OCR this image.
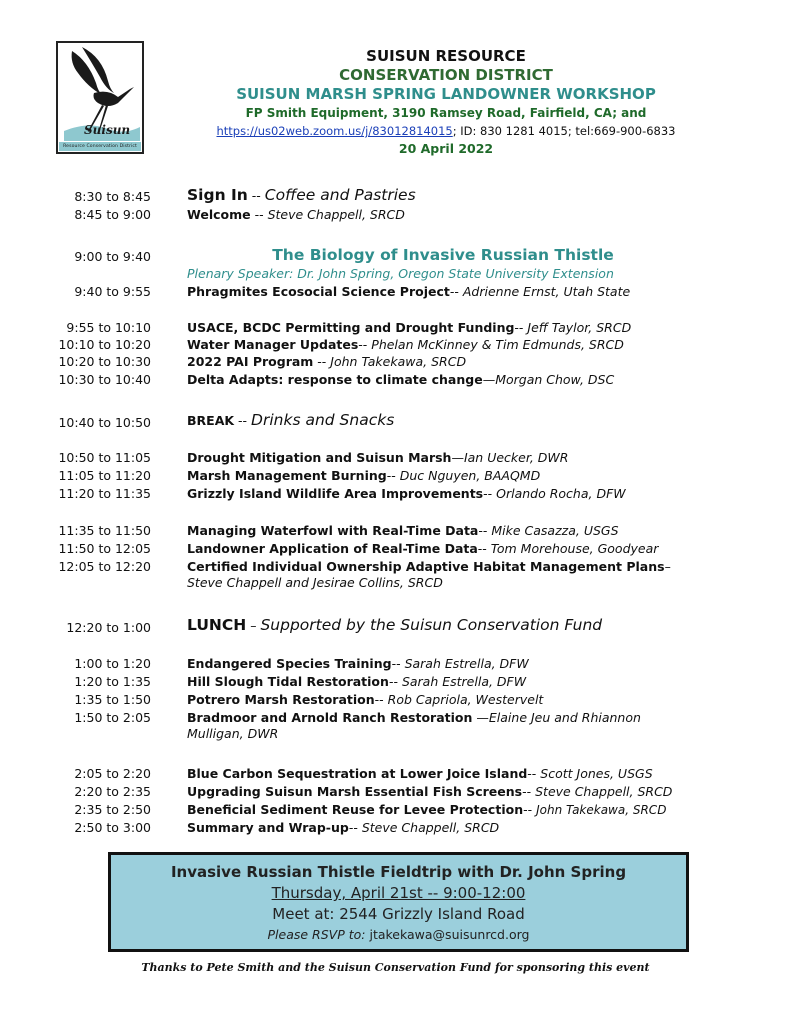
Suisun
Resource Conservation District
SUISUN RESOURCE
CONSERVATION DISTRICT
SUISUN MARSH SPRING LANDOWNER WORKSHOP
FP Smith Equipment, 3190 Ramsey Road, Fairfield, CA; and
https://us02web.zoom.us/j/83012814015; ID: 830 1281 4015; tel:669-900-6833
20 April 2022
8:30 to 8:45 Sign In -- Coffee and Pastries
8:45 to 9:00	Welcome -- Steve Chappell, SRCD
9:00 to 9:40	The Biology of Invasive Russian Thistle
Plenary Speaker: Dr. John Spring, Oregon State University Extension
9:40 to 9:55	Phragmites Ecosocial Science Project-- Adrienne Ernst, Utah State
9:55 to 10:10	USACE, BCDC Permitting and Drought Funding-- Jeff Taylor, SRCD
10:10 to 10:20	Water Manager Updates-- Phelan McKinney & Tim Edmunds, SRCD
10:20 to 10:30	2022 PAI Program -- John Takekawa, SRCD
10:30 to 10:40	Delta Adapts: response to climate change—Morgan Chow, DSC
10:40 to 10:50	BREAK -- Drinks and Snacks
10:50 to 11:05	Drought Mitigation and Suisun Marsh—Ian Uecker, DWR
11:05 to 11:20	Marsh Management Burning-- Duc Nguyen, BAAQMD
11:20 to 11:35	Grizzly Island Wildlife Area Improvements-- Orlando Rocha, DFW
11:35 to 11:50	Managing Waterfowl with Real-Time Data-- Mike Casazza, USGS
11:50 to 12:05	Landowner Application of Real-Time Data-- Tom Morehouse, Goodyear
12:05 to 12:20	Certified Individual Ownership Adaptive Habitat Management Plans–
Steve Chappell and Jesirae Collins, SRCD
12:20 to 1:00 LUNCH – Supported by the Suisun Conservation Fund
1:00 to 1:20	Endangered Species Training-- Sarah Estrella, DFW
1:20 to 1:35	Hill Slough Tidal Restoration-- Sarah Estrella, DFW
1:35 to 1:50	Potrero Marsh Restoration-- Rob Capriola, Westervelt
1:50 to 2:05	Bradmoor and Arnold Ranch Restoration —Elaine Jeu and Rhiannon
Mulligan, DWR
2:05 to 2:20	Blue Carbon Sequestration at Lower Joice Island-- Scott Jones, USGS
2:20 to 2:35	Upgrading Suisun Marsh Essential Fish Screens-- Steve Chappell, SRCD
2:35 to 2:50	Beneficial Sediment Reuse for Levee Protection-- John Takekawa, SRCD
2:50 to 3:00	Summary and Wrap-up-- Steve Chappell, SRCD
Invasive Russian Thistle Fieldtrip with Dr. John Spring
Thursday, April 21st -- 9:00-12:00
Meet at: 2544 Grizzly Island Road
Please RSVP to: jtakekawa@suisunrcd.org
Thanks to Pete Smith and the Suisun Conservation Fund for sponsoring this event
